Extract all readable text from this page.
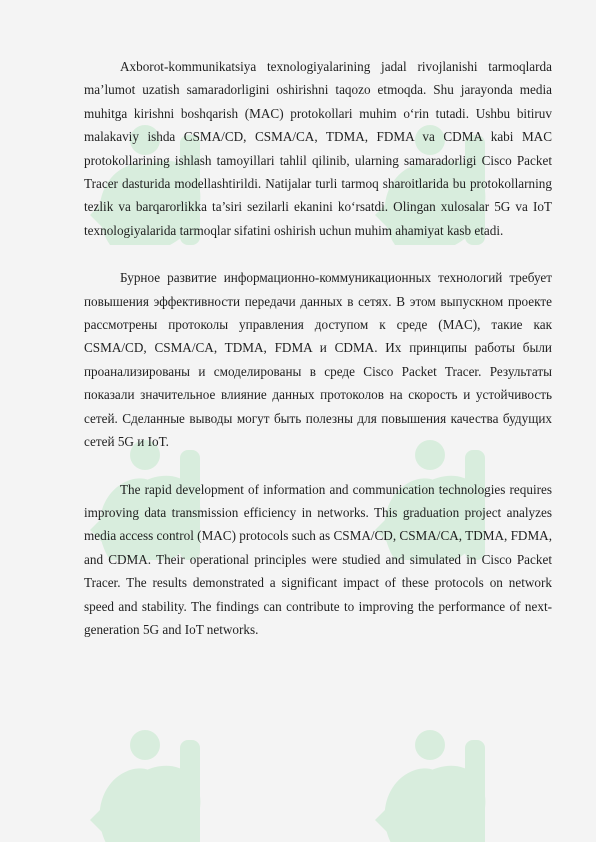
Axborot-kommunikatsiya texnologiyalarining jadal rivojlanishi tarmoqlarda ma’lumot uzatish samaradorligini oshirishni taqozo etmoqda. Shu jarayonda media muhitga kirishni boshqarish (MAC) protokollari muhim o‘rin tutadi. Ushbu bitiruv malakaviy ishda CSMA/CD, CSMA/CA, TDMA, FDMA va CDMA kabi MAC protokollarining ishlash tamoyillari tahlil qilinib, ularning samaradorligi Cisco Packet Tracer dasturida modellashtirildi. Natijalar turli tarmoq sharoitlarida bu protokollarning tezlik va barqarorlikka ta’siri sezilarli ekanini ko‘rsatdi. Olingan xulosalar 5G va IoT texnologiyalarida tarmoqlar sifatini oshirish uchun muhim ahamiyat kasb etadi.

Бурное развитие информационно-коммуникационных технологий требует повышения эффективности передачи данных в сетях. В этом выпускном проекте рассмотрены протоколы управления доступом к среде (MAC), такие как CSMA/CD, CSMA/CA, TDMA, FDMA и CDMA. Их принципы работы были проанализированы и смоделированы в среде Cisco Packet Tracer. Результаты показали значительное влияние данных протоколов на скорость и устойчивость сетей. Сделанные выводы могут быть полезны для повышения качества будущих сетей 5G и IoT.

The rapid development of information and communication technologies requires improving data transmission efficiency in networks. This graduation project analyzes media access control (MAC) protocols such as CSMA/CD, CSMA/CA, TDMA, FDMA, and CDMA. Their operational principles were studied and simulated in Cisco Packet Tracer. The results demonstrated a significant impact of these protocols on network speed and stability. The findings can contribute to improving the performance of next-generation 5G and IoT networks.
